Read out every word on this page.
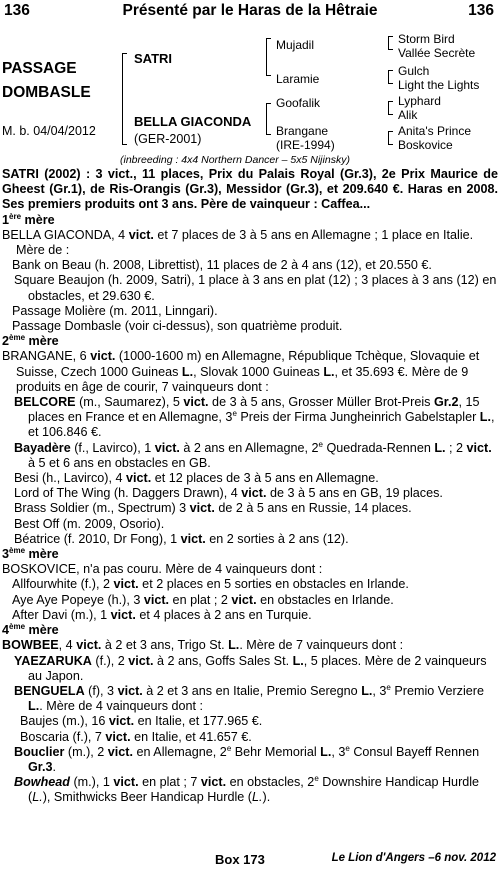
136	Présenté par le Haras de la Hêtraie	136
PASSAGE
DOMBASLE
M. b. 04/04/2012
SATRI
BELLA GIACONDA
(GER-2001)
Mujadil
Laramie
Goofalik
Brangane
(IRE-1994)
Storm Bird
Vallée Secrète
Gulch
Light the Lights
Lyphard
Alik
Anita's Prince
Boskovice
(inbreeding : 4x4 Northern Dancer – 5x5 Nijinsky)

SATRI (2002) : 3 vict., 11 places, Prix du Palais Royal (Gr.3), 2e Prix Maurice de Gheest (Gr.1), de Ris-Orangis (Gr.3), Messidor (Gr.3), et 209.640 €. Haras en 2008. Ses premiers produits ont 3 ans. Père de vainqueur : Caffea...

1ère mère

BELLA GIACONDA, 4 vict. et 7 places de 3 à 5 ans en Allemagne ; 1 place en Italie. Mère de :

Bank on Beau (h. 2008, Librettist), 11 places de 2 à 4 ans (12), et 20.550 €.

Square Beaujon (h. 2009, Satri), 1 place à 3 ans en plat (12) ; 3 places à 3 ans (12) en obstacles, et 29.630 €.

Passage Molière (m. 2011, Linngari).

Passage Dombasle (voir ci-dessus), son quatrième produit.

2ème mère

BRANGANE, 6 vict. (1000-1600 m) en Allemagne, République Tchèque, Slovaquie et Suisse, Czech 1000 Guineas L., Slovak 1000 Guineas L., et 35.693 €. Mère de 9 produits en âge de courir, 7 vainqueurs dont :

BELCORE (m., Saumarez), 5 vict. de 3 à 5 ans, Grosser Müller Brot-Preis Gr.2, 15 places en France et en Allemagne, 3e Preis der Firma Jungheinrich Gabelstapler L., et 106.846 €.

Bayadère (f., Lavirco), 1 vict. à 2 ans en Allemagne, 2e Quedrada-Rennen L. ; 2 vict. à 5 et 6 ans en obstacles en GB.

Besi (h., Lavirco), 4 vict. et 12 places de 3 à 5 ans en Allemagne.

Lord of The Wing (h. Daggers Drawn), 4 vict. de 3 à 5 ans en GB, 19 places.

Brass Soldier (m., Spectrum) 3 vict. de 2 à 5 ans en Russie, 14 places.

Best Off (m. 2009, Osorio).

Béatrice (f. 2010, Dr Fong), 1 vict. en 2 sorties à 2 ans (12).

3ème mère

BOSKOVICE, n'a pas couru. Mère de 4 vainqueurs dont :

Allfourwhite (f.), 2 vict. et 2 places en 5 sorties en obstacles en Irlande.

Aye Aye Popeye (h.), 3 vict. en plat ; 2 vict. en obstacles en Irlande.

After Davi (m.), 1 vict. et 4 places à 2 ans en Turquie.

4ème mère

BOWBEE, 4 vict. à 2 et 3 ans, Trigo St. L.. Mère de 7 vainqueurs dont :

YAEZARUKA (f.), 2 vict. à 2 ans, Goffs Sales St. L., 5 places. Mère de 2 vainqueurs au Japon.

BENGUELA (f), 3 vict. à 2 et 3 ans en Italie, Premio Seregno L., 3e Premio Verziere L.. Mère de 4 vainqueurs dont :

Baujes (m.), 16 vict. en Italie, et 177.965 €.

Boscaria (f.), 7 vict. en Italie, et 41.657 €.

Bouclier (m.), 2 vict. en Allemagne, 2e Behr Memorial L., 3e Consul Bayeff Rennen Gr.3.

Bowhead (m.), 1 vict. en plat ; 7 vict. en obstacles, 2e Downshire Handicap Hurdle (L.), Smithwicks Beer Handicap Hurdle (L.).

Box 173	Le Lion d'Angers –6 nov. 2012
